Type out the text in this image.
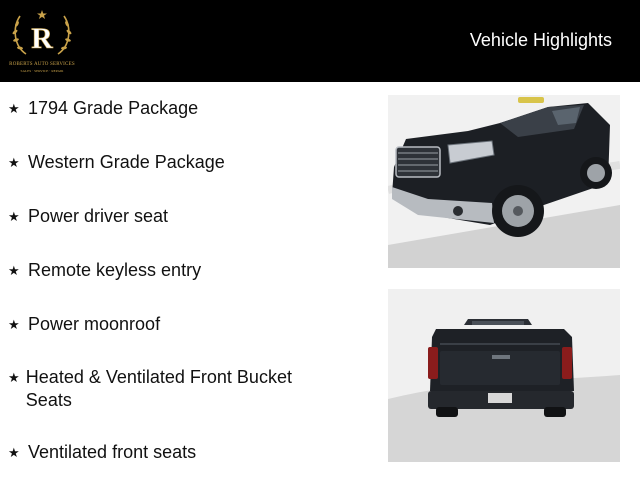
R
ROBERTS AUTO SERVICES
SALES · SERVICE · REPAIR
Vehicle Highlights
★ 1794 Grade Package
★ Western Grade Package
★ Power driver seat
★ Remote keyless entry
★ Power moonroof
★ Heated & Ventilated Front Bucket Seats
★ Ventilated front seats
